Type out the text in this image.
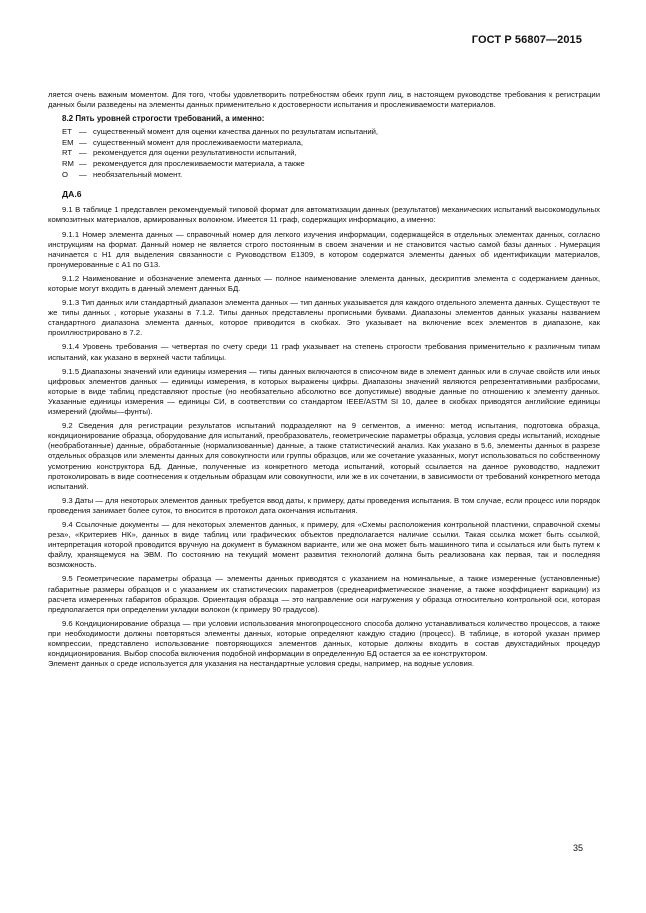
ГОСТ Р 56807—2015

ляется очень важным моментом. Для того, чтобы удовлетворить потребностям обеих групп лиц, в настоящем руководстве требования к регистрации данных были разведены на элементы данных применительно к достоверности испытания и прослеживаемости материалов.

8.2 Пять уровней строгости требований, а именно:

ЕТ — существенный момент для оценки качества данных по результатам испытаний,
ЕМ — существенный момент для прослеживаемости материала,
RT — рекомендуется для оценки результативности испытаний,
RM — рекомендуется для прослеживаемости материала, а также
О	— необязательный момент.

ДА.6

9.1 В таблице 1 представлен рекомендуемый типовой формат для автоматизации данных (результатов) механических испытаний высокомодульных композитных материалов, армированных волокном. Имеется 11 граф, содержащих информацию, а именно:

9.1.1 Номер элемента данных — справочный номер для легкого изучения информации, содержащейся в отдельных элементах данных, согласно инструкциям на формат. Данный номер не является строго постоянным в своем значении и не становится частью самой базы данных . Нумерация начинается с Н1 для выделения связанности с Руководством Е1309, в котором содержатся элементы данных об идентификации материалов, пронумерованные с А1 по G13.

9.1.2 Наименование и обозначение элемента данных — полное наименование элемента данных, дескриптив элемента с содержанием данных, которые могут входить в данный элемент данных БД.

9.1.3 Тип данных или стандартный диапазон элемента данных — тип данных указывается для каждого отдельного элемента данных. Существуют те же типы данных , которые указаны в 7.1.2. Типы данных представлены прописными буквами. Диапазоны элементов данных указаны названием стандартного диапазона элемента данных, которое приводится в скобках. Это указывает на включение всех элементов в диапазоне, как проиллюстрировано в 7.2.

9.1.4 Уровень требования — четвертая по счету среди 11 граф указывает на степень строгости требования применительно к различным типам испытаний, как указано в верхней части таблицы.

9.1.5 Диапазоны значений или единицы измерения — типы данных включаются в списочном виде в элемент данных или в случае свойств или иных цифровых элементов данных — единицы измерения, в которых выражены цифры. Диапазоны значений являются репрезентативными разбросами, которые в виде таблиц представляют простые (но необязательно абсолютно все допустимые) вводные данные по отношению к элементу данных. Указанные единицы измерения — единицы СИ, в соответствии со стандартом IEEE/ASTM SI 10, далее в скобках приводятся английские единицы измерений (дюймы—фунты).

9.2 Сведения для регистрации результатов испытаний подразделяют на 9 сегментов, а именно: метод испытания, подготовка образца, кондиционирование образца, оборудование для испытаний, преобразователь, геометрические параметры образца, условия среды испытаний, исходные (необработанные) данные, обработанные (нормализованные) данные, а также статистический анализ. Как указано в 5.6, элементы данных в разрезе отдельных образцов или элементы данных для совокупности или группы образцов, или же сочетание указанных, могут использоваться по собственному усмотрению конструктора БД. Данные, полученные из конкретного метода испытаний, который ссылается на данное руководство, надлежит протоколировать в виде соотнесения к отдельным образцам или совокупности, или же в их сочетании, в зависимости от требований конкретного метода испытаний.

9.3 Даты — для некоторых элементов данных требуется ввод даты, к примеру, даты проведения испытания. В том случае, если процесс или порядок проведения занимает более суток, то вносится в протокол дата окончания испытания.

9.4 Ссылочные документы — для некоторых элементов данных, к примеру, для «Схемы расположения контрольной пластинки, справочной схемы реза», «Критериев НК», данных в виде таблиц или графических объектов предполагается наличие ссылки. Такая ссылка может быть ссылкой, интерпретация которой проводится вручную на документ в бумажном варианте, или же она может быть машинного типа и ссылаться или быть путем к файлу, хранящемуся на ЭВМ. По состоянию на текущий момент развития технологий должна быть реализована как первая, так и последняя возможность.

9.5 Геометрические параметры образца — элементы данных приводятся с указанием на номинальные, а также измеренные (установленные) габаритные размеры образцов и с указанием их статистических параметров (среднеарифметическое значение, а также коэффициент вариации) из расчета измеренных габаритов образцов. Ориентация образца — это направление оси нагружения у образца относительно контрольной оси, которая предполагается при определении укладки волокон (к примеру 90 градусов).

9.6 Кондиционирование образца — при условии использования многопроцессного способа должно устанавливаться количество процессов, а также при необходимости должны повторяться элементы данных, которые определяют каждую стадию (процесс). В таблице, в которой указан пример компрессии, представлено использование повторяющихся элементов данных, которые должны входить в состав двухстадийных процедур кондиционирования. Выбор способа включения подобной информации в определенную БД остается за ее конструктором.

Элемент данных о среде используется для указания на нестандартные условия среды, например, на водные условия.

35
